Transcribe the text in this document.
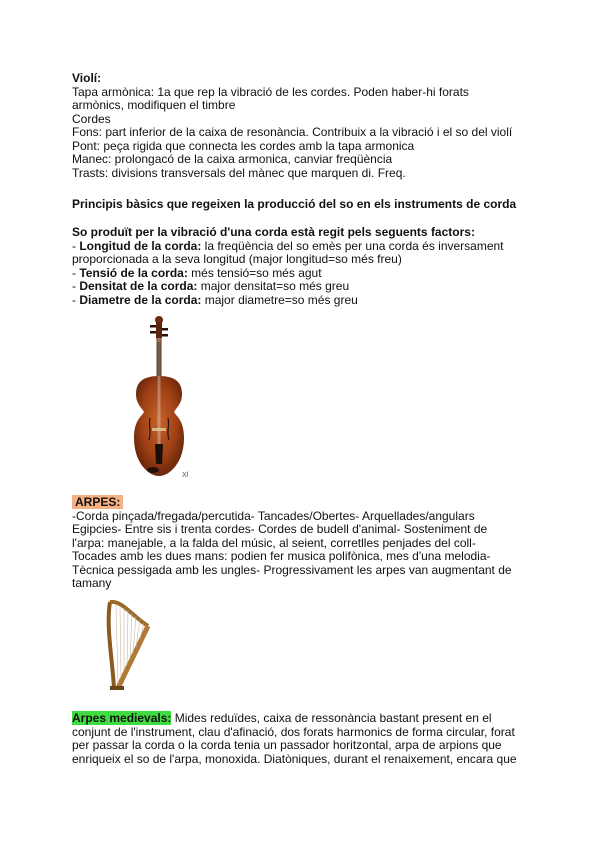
Violí:
Tapa armònica: 1a que rep la vibració de les cordes. Poden haber-hi forats
armònics, modifiquen el timbre
Cordes
Fons: part inferior de la caixa de resonància. Contribuix a la vibració i el so del violí
Pont: peça rigida que connecta les cordes amb la tapa armonica
Manec: prolongacó de la caixa armonica, canviar freqüència
Trasts: divisions transversals del mànec que marquen di. Freq.
Principis bàsics que regeixen la producció del so en els instruments de corda
So produït per la vibració d'una corda està regit pels seguents factors:
- Longitud de la corda: la freqüència del so emès per una corda és inversament
proporcionada a la seva longitud (major longitud=so més freu)
- Tensió de la corda: més tensió=so més agut
- Densitat de la corda: major densitat=so més greu
- Diametre de la corda: major diametre=so més greu
Xl
ARPES:
-Corda pinçada/fregada/percutida- Tancades/Obertes- Arquellades/angulars
Egipcies- Entre sis i trenta cordes- Cordes de budell d'animal- Sosteniment de
l'arpa: manejable, a la falda del músic, al seient, corretlles penjades del coll-
Tocades amb les dues mans: podien fer musica polifònica, mes d'una melodia-
Tècnica pessigada amb les ungles- Progressivament les arpes van augmentant de
tamany
Arpes medievals: Mides reduïdes, caixa de ressonància bastant present en el
conjunt de l'instrument, clau d'afinació, dos forats harmonics de forma circular, forat
per passar la corda o la corda tenia un passador horitzontal, arpa de arpions que
enriqueix el so de l'arpa, monoxida. Diatòniques, durant el renaixement, encara que
